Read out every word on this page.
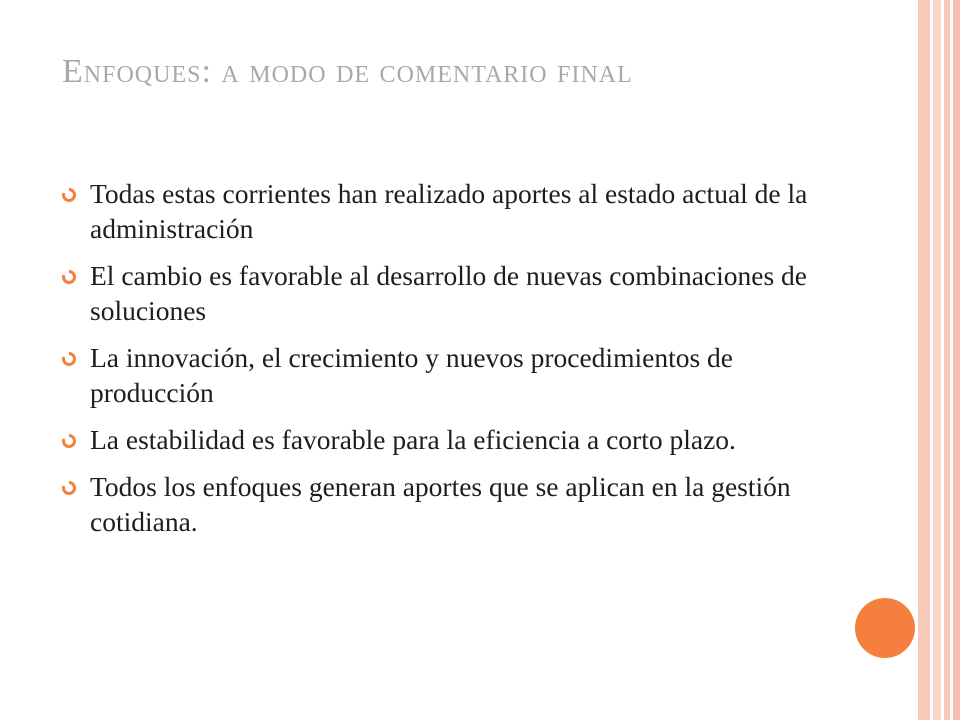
Enfoques: a modo de comentario final
Todas estas corrientes han realizado aportes al estado actual de la administración
El cambio es favorable al desarrollo de nuevas combinaciones de soluciones
La innovación, el crecimiento y nuevos procedimientos de producción
La estabilidad es favorable para la eficiencia a corto plazo.
Todos los enfoques generan aportes que se aplican en la gestión cotidiana.
